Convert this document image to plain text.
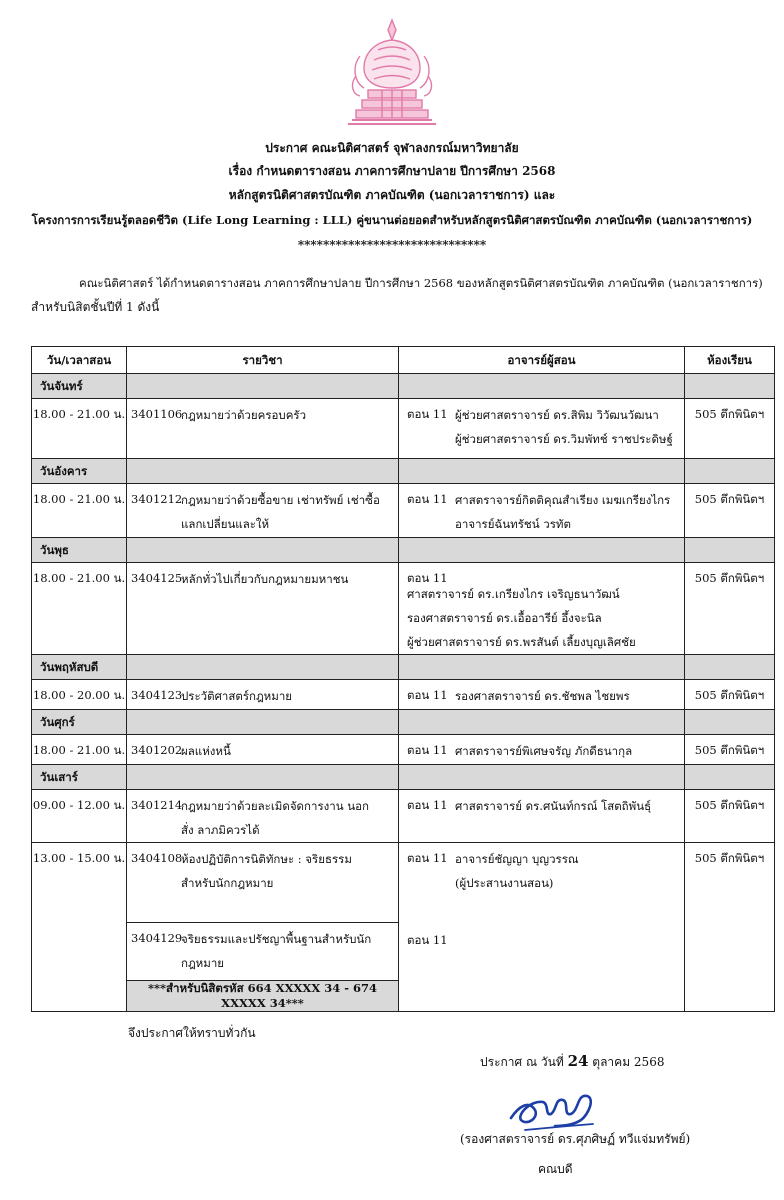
ประกาศ คณะนิติศาสตร์ จุฬาลงกรณ์มหาวิทยาลัย
เรื่อง กำหนดตารางสอน ภาคการศึกษาปลาย ปีการศึกษา 2568
หลักสูตรนิติศาสตรบัณฑิต ภาคบัณฑิต (นอกเวลาราชการ) และ
โครงการการเรียนรู้ตลอดชีวิต (Life Long Learning : LLL) คู่ขนานต่อยอดสำหรับหลักสูตรนิติศาสตรบัณฑิต ภาคบัณฑิต (นอกเวลาราชการ)
******************************
คณะนิติศาสตร์ ได้กำหนดตารางสอน ภาคการศึกษาปลาย ปีการศึกษา 2568 ของหลักสูตรนิติศาสตรบัณฑิต ภาคบัณฑิต (นอกเวลาราชการ)
สำหรับนิสิตชั้นปีที่ 1 ดังนี้
วัน/เวลาสอน	รายวิชา	อาจารย์ผู้สอน	ห้องเรียน
วันจันทร์			
18.00 - 21.00 น.	3401106กฎหมายว่าด้วยครอบครัว	ตอน 11 ผู้ช่วยศาสตราจารย์ ดร.สิพิม วิวัฒนวัฒนา
ผู้ช่วยศาสตราจารย์ ดร.วิมพัทช์ ราชประดิษฐ์	505 ตึกพินิตฯ
วันอังคาร			
18.00 - 21.00 น.	3401212กฎหมายว่าด้วยซื้อขาย เช่าทรัพย์ เช่าซื้อ แลกเปลี่ยนและให้	ตอน 11 ศาสตราจารย์กิตติคุณสำเรียง เมฆเกรียงไกร
อาจารย์ฉันทรัชน์ วรทัต	505 ตึกพินิตฯ
วันพุธ			
18.00 - 21.00 น.	3404125หลักทั่วไปเกี่ยวกับกฎหมายมหาชน	ตอน 11
ศาสตราจารย์ ดร.เกรียงไกร เจริญธนาวัฒน์
รองศาสตราจารย์ ดร.เอื้ออารีย์ อึ้งจะนิล
ผู้ช่วยศาสตราจารย์ ดร.พรสันต์ เลี้ยงบุญเลิศชัย	505 ตึกพินิตฯ
วันพฤหัสบดี			
18.00 - 20.00 น.	3404123ประวัติศาสตร์กฎหมาย	ตอน 11 รองศาสตราจารย์ ดร.ชัชพล ไชยพร	505 ตึกพินิตฯ
วันศุกร์			
18.00 - 21.00 น.	3401202ผลแห่งหนี้	ตอน 11 ศาสตราจารย์พิเศษจรัญ ภักดีธนากุล	505 ตึกพินิตฯ
วันเสาร์			
09.00 - 12.00 น.	3401214กฎหมายว่าด้วยละเมิดจัดการงาน นอกสั่ง ลาภมิควรได้	ตอน 11 ศาสตราจารย์ ดร.ศนันท์กรณ์ โสตถิพันธุ์	505 ตึกพินิตฯ
13.00 - 15.00 น.	3404108ห้องปฏิบัติการนิติทักษะ : จริยธรรมสำหรับนักกฎหมาย	ตอน 11 อาจารย์ชัญญา บุญวรรณ
(ผู้ประสานงานสอน)	505 ตึกพินิตฯ
	3404129จริยธรรมและปรัชญาพื้นฐานสำหรับนักกฎหมาย	ตอน 11	
	***สำหรับนิสิตรหัส 664 XXXXX 34 - 674 XXXXX 34***		
จึงประกาศให้ทราบทั่วกัน
ประกาศ ณ วันที่ 24 ตุลาคม 2568
(รองศาสตราจารย์ ดร.ศุภศิษฏ์ ทวีแจ่มทรัพย์)
คณบดี
